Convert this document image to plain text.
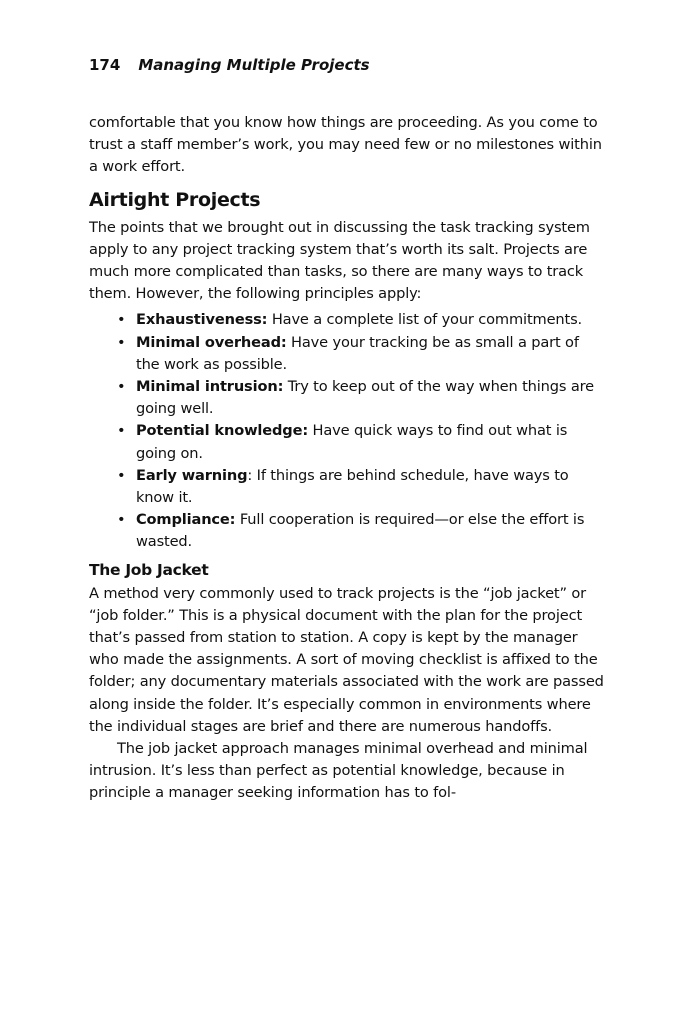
174 Managing Multiple Projects

comfortable that you know how things are proceeding. As you come to trust a staff member’s work, you may need few or no milestones within a work effort.

Airtight Projects

The points that we brought out in discussing the task tracking system apply to any project tracking system that’s worth its salt. Projects are much more complicated than tasks, so there are many ways to track them. However, the following principles apply:

• Exhaustiveness: Have a complete list of your commitments.
• Minimal overhead: Have your tracking be as small a part of the work as possible.
• Minimal intrusion: Try to keep out of the way when things are going well.
• Potential knowledge: Have quick ways to find out what is going on.
• Early warning: If things are behind schedule, have ways to know it.
• Compliance: Full cooperation is required—or else the effort is wasted.
The Job Jacket

A method very commonly used to track projects is the “job jacket” or “job folder.” This is a physical document with the plan for the project that’s passed from station to station. A copy is kept by the manager who made the assignments. A sort of moving checklist is affixed to the folder; any documentary materials associated with the work are passed along inside the folder. It’s especially common in environments where the individual stages are brief and there are numerous handoffs.

The job jacket approach manages minimal overhead and minimal intrusion. It’s less than perfect as potential knowledge, because in principle a manager seeking information has to fol-
